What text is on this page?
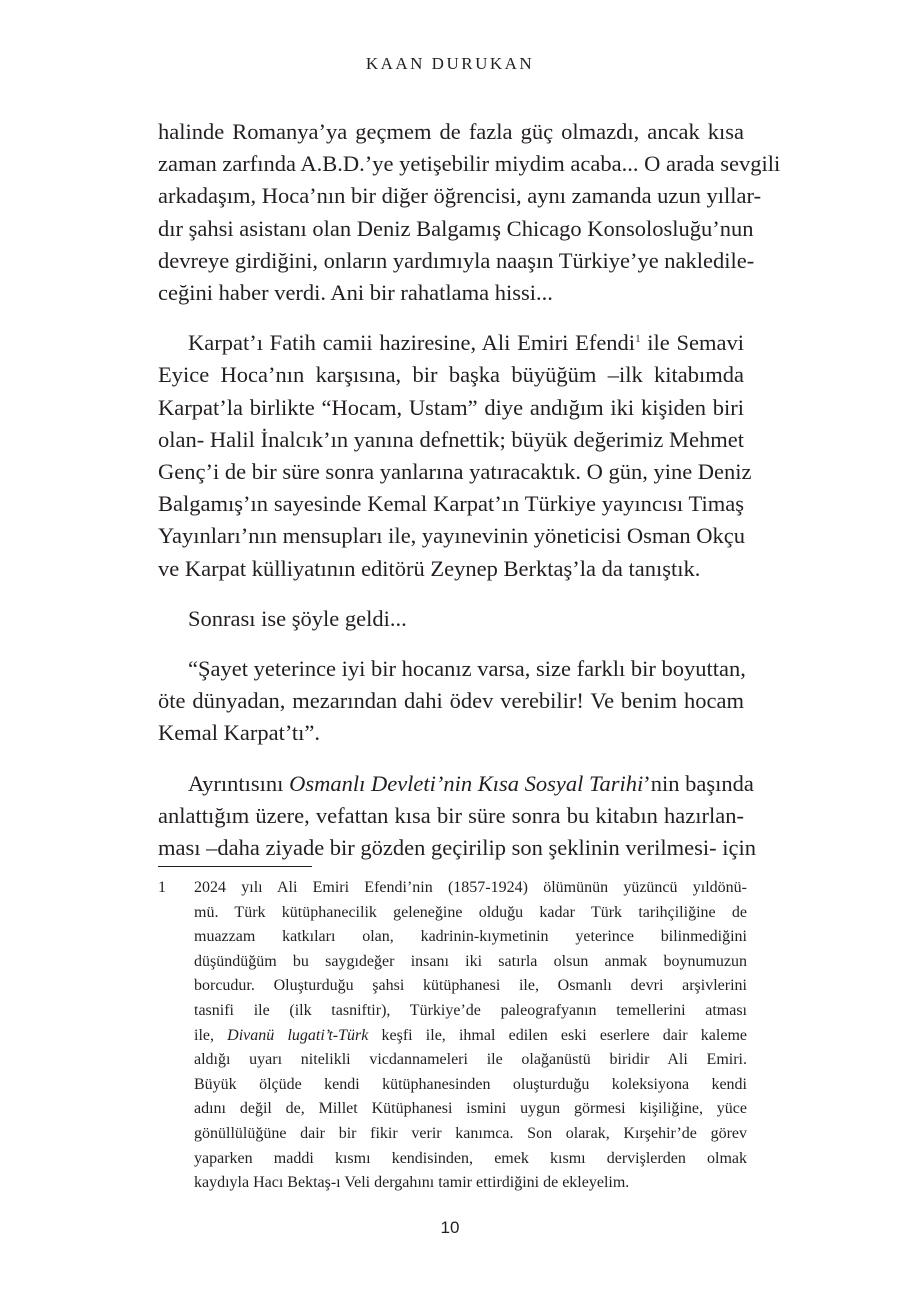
KAAN DURUKAN
halinde Romanya’ya geçmem de fazla güç olmazdı, ancak kısa
zaman zarfında A.B.D.’ye yetişebilir miydim acaba... O arada sevgili
arkadaşım, Hoca’nın bir diğer öğrencisi, aynı zamanda uzun yıllar-
dır şahsi asistanı olan Deniz Balgamış Chicago Konsolosluğu’nun
devreye girdiğini, onların yardımıyla naaşın Türkiye’ye nakledile-
ceğini haber verdi. Ani bir rahatlama hissi...
Karpat’ı Fatih camii haziresine, Ali Emiri Efendi$^1$ ile Semavi
Eyice Hoca’nın karşısına, bir başka büyüğüm –ilk kitabımda
Karpat’la birlikte “Hocam, Ustam” diye andığım iki kişiden biri
olan- Halil İnalcık’ın yanına defnettik; büyük değerimiz Mehmet
Genç’i de bir süre sonra yanlarına yatıracaktık. O gün, yine Deniz
Balgamış’ın sayesinde Kemal Karpat’ın Türkiye yayıncısı Timaş
Yayınları’nın mensupları ile, yayınevinin yöneticisi Osman Okçu
ve Karpat külliyatının editörü Zeynep Berktaş’la da tanıştık.
Sonrası ise şöyle geldi...
“Şayet yeterince iyi bir hocanız varsa, size farklı bir boyuttan,
öte dünyadan, mezarından dahi ödev verebilir! Ve benim hocam
Kemal Karpat’tı”.
Ayrıntısını Osmanlı Devleti’nin Kısa Sosyal Tarihi’nin başında
anlattığım üzere, vefattan kısa bir süre sonra bu kitabın hazırlan-
ması –daha ziyade bir gözden geçirilip son şeklinin verilmesi- için
1 2024 yılı Ali Emiri Efendi’nin (1857-1924) ölümünün yüzüncü yıldönü-
mü. Türk kütüphanecilik geleneğine olduğu kadar Türk tarihçiliğine de
muazzam katkıları olan, kadrinin-kıymetinin yeterince bilinmediğini
düşündüğüm bu saygıdeğer insanı iki satırla olsun anmak boynumuzun
borcudur. Oluşturduğu şahsi kütüphanesi ile, Osmanlı devri arşivlerini
tasnifi ile (ilk tasniftir), Türkiye’de paleografyanın temellerini atması
ile, Divanü lugati’t-Türk keşfi ile, ihmal edilen eski eserlere dair kaleme
aldığı uyarı nitelikli vicdannameleri ile olağanüstü biridir Ali Emiri.
Büyük ölçüde kendi kütüphanesinden oluşturduğu koleksiyona kendi
adını değil de, Millet Kütüphanesi ismini uygun görmesi kişiliğine, yüce
gönüllülüğüne dair bir fikir verir kanımca. Son olarak, Kırşehir’de görev
yaparken maddi kısmı kendisinden, emek kısmı dervişlerden olmak
kaydıyla Hacı Bektaş-ı Veli dergahını tamir ettirdiğini de ekleyelim.
10
